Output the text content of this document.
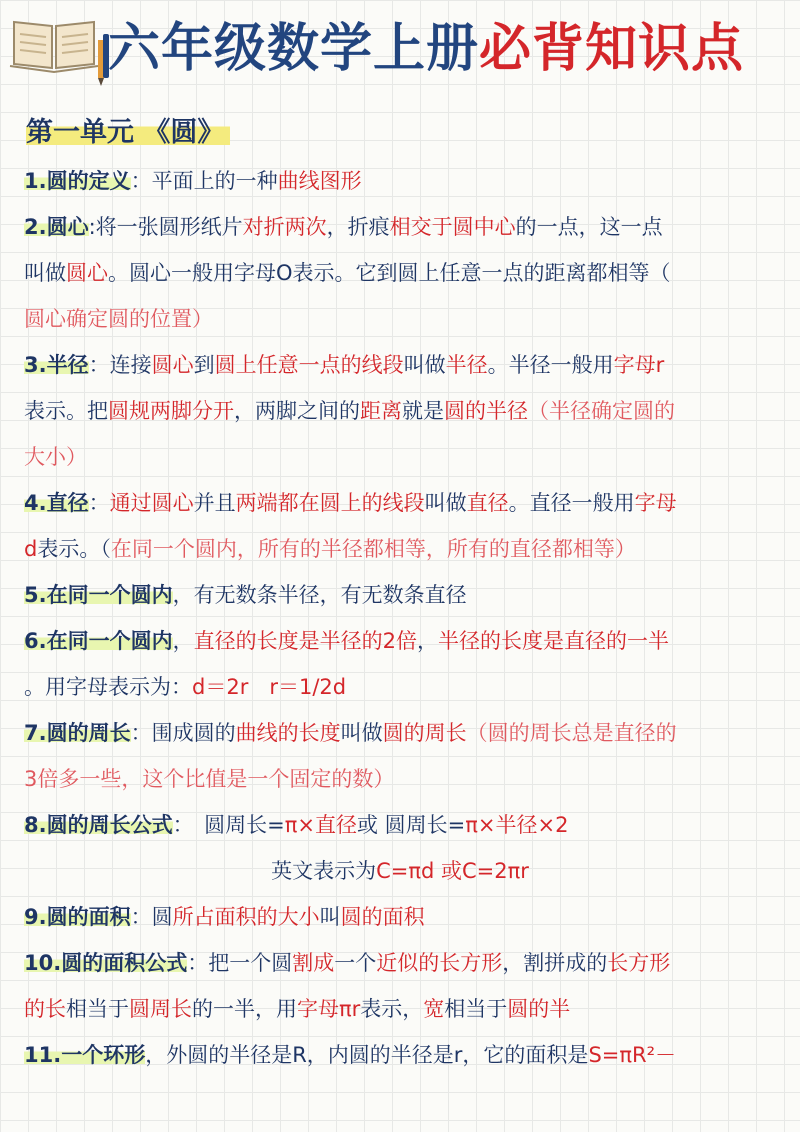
六年级数学上册必背知识点
第一单元 《圆》
1.圆的定义：平面上的一种曲线图形
2.圆心:将一张圆形纸片对折两次，折痕相交于圆中心的一点，这一点
叫做圆心。圆心一般用字母O表示。它到圆上任意一点的距离都相等（
圆心确定圆的位置）
3.半径：连接圆心到圆上任意一点的线段叫做半径。半径一般用字母r
表示。把圆规两脚分开，两脚之间的距离就是圆的半径（半径确定圆的
大小）
4.直径：通过圆心并且两端都在圆上的线段叫做直径。直径一般用字母
d表示。（在同一个圆内，所有的半径都相等，所有的直径都相等）
5.在同一个圆内，有无数条半径，有无数条直径
6.在同一个圆内，直径的长度是半径的2倍，半径的长度是直径的一半
。用字母表示为：d＝2r　r＝1/2d
7.圆的周长：围成圆的曲线的长度叫做圆的周长（圆的周长总是直径的
3倍多一些，这个比值是一个固定的数）
8.圆的周长公式：　圆周长=π×直径或 圆周长=π×半径×2
英文表示为C=πd 或C=2πr
9.圆的面积：圆所占面积的大小叫圆的面积
10.圆的面积公式：把一个圆割成一个近似的长方形，割拼成的长方形
的长相当于圆周长的一半，用字母πr表示，宽相当于圆的半
11.一个环形，外圆的半径是R，内圆的半径是r，它的面积是S=πR²－
